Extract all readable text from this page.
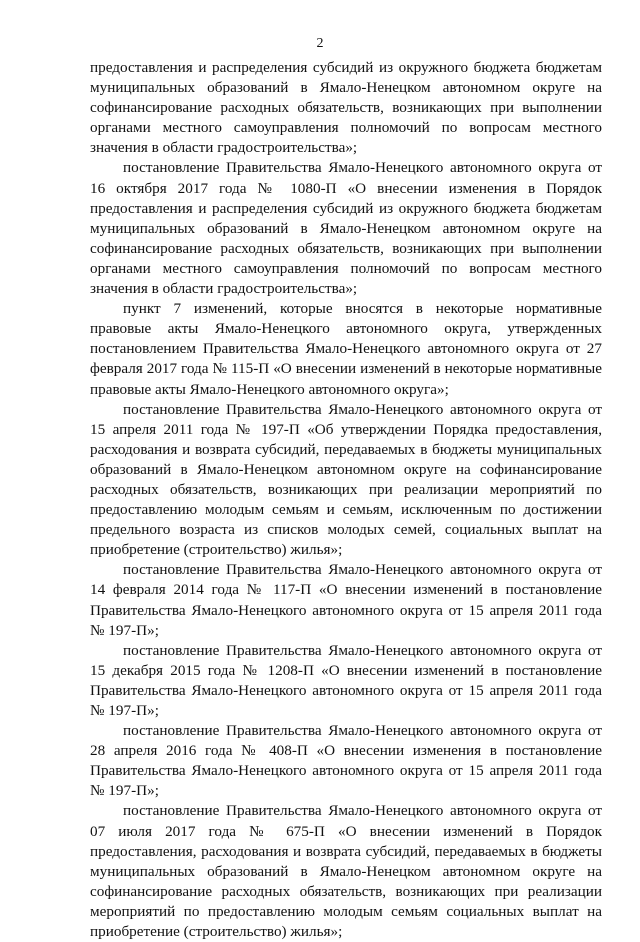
2

предоставления и распределения субсидий из окружного бюджета бюджетам муниципальных образований в Ямало-Ненецком автономном округе на софинансирование расходных обязательств, возникающих при выполнении органами местного самоуправления полномочий по вопросам местного значения в области градостроительства»;

постановление Правительства Ямало-Ненецкого автономного округа от 16 октября 2017 года № 1080-П «О внесении изменения в Порядок предоставления и распределения субсидий из окружного бюджета бюджетам муниципальных образований в Ямало-Ненецком автономном округе на софинансирование расходных обязательств, возникающих при выполнении органами местного самоуправления полномочий по вопросам местного значения в области градостроительства»;

пункт 7 изменений, которые вносятся в некоторые нормативные правовые акты Ямало-Ненецкого автономного округа, утвержденных постановлением Правительства Ямало-Ненецкого автономного округа от 27 февраля 2017 года № 115-П «О внесении изменений в некоторые нормативные правовые акты Ямало-Ненецкого автономного округа»;

постановление Правительства Ямало-Ненецкого автономного округа от 15 апреля 2011 года № 197-П «Об утверждении Порядка предоставления, расходования и возврата субсидий, передаваемых в бюджеты муниципальных образований в Ямало-Ненецком автономном округе на софинансирование расходных обязательств, возникающих при реализации мероприятий по предоставлению молодым семьям и семьям, исключенным по достижении предельного возраста из списков молодых семей, социальных выплат на приобретение (строительство) жилья»;

постановление Правительства Ямало-Ненецкого автономного округа от 14 февраля 2014 года № 117-П «О внесении изменений в постановление Правительства Ямало-Ненецкого автономного округа от 15 апреля 2011 года № 197-П»;

постановление Правительства Ямало-Ненецкого автономного округа от 15 декабря 2015 года № 1208-П «О внесении изменений в постановление Правительства Ямало-Ненецкого автономного округа от 15 апреля 2011 года № 197-П»;

постановление Правительства Ямало-Ненецкого автономного округа от 28 апреля 2016 года № 408-П «О внесении изменения в постановление Правительства Ямало-Ненецкого автономного округа от 15 апреля 2011 года № 197-П»;

постановление Правительства Ямало-Ненецкого автономного округа от 07 июля 2017 года № 675-П «О внесении изменений в Порядок предоставления, расходования и возврата субсидий, передаваемых в бюджеты муниципальных образований в Ямало-Ненецком автономном округе на софинансирование расходных обязательств, возникающих при реализации мероприятий по предоставлению молодым семьям социальных выплат на приобретение (строительство) жилья»;
